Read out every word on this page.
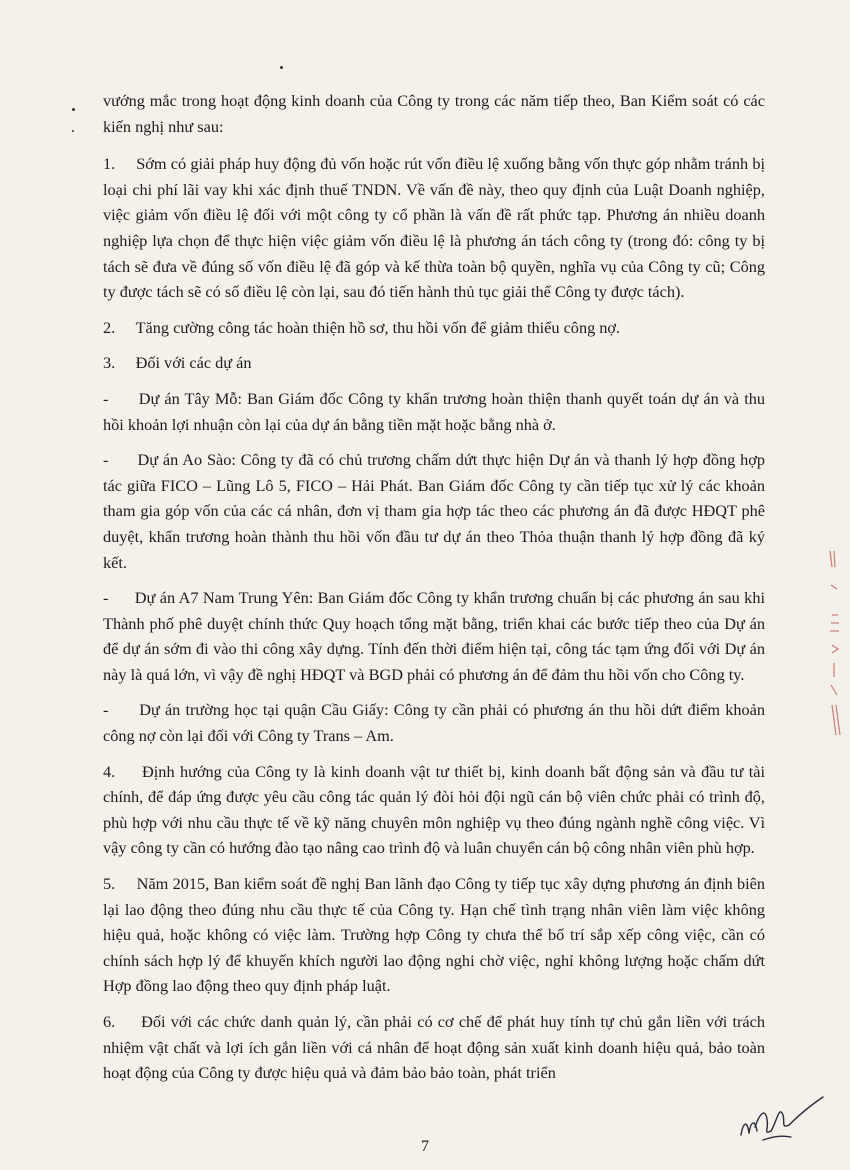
vướng mắc trong hoạt động kinh doanh của Công ty trong các năm tiếp theo, Ban Kiểm soát có các kiến nghị như sau:

1.     Sớm có giải pháp huy động đủ vốn hoặc rút vốn điều lệ xuống bằng vốn thực góp nhằm tránh bị loại chi phí lãi vay khi xác định thuế TNDN. Về vấn đề này, theo quy định của Luật Doanh nghiệp, việc giảm vốn điều lệ đối với một công ty cổ phần là vấn đề rất phức tạp. Phương án nhiều doanh nghiệp lựa chọn để thực hiện việc giảm vốn điều lệ là phương án tách công ty (trong đó: công ty bị tách sẽ đưa về đúng số vốn điều lệ đã góp và kế thừa toàn bộ quyền, nghĩa vụ của Công ty cũ; Công ty được tách sẽ có số điều lệ còn lại, sau đó tiến hành thủ tục giải thể Công ty được tách).

2.     Tăng cường công tác hoàn thiện hồ sơ, thu hồi vốn để giảm thiểu công nợ.

3.     Đối với các dự án

-      Dự án Tây Mỗ: Ban Giám đốc Công ty khẩn trương hoàn thiện thanh quyết toán dự án và thu hồi khoản lợi nhuận còn lại của dự án bằng tiền mặt hoặc bằng nhà ở.

-      Dự án Ao Sào: Công ty đã có chủ trương chấm dứt thực hiện Dự án và thanh lý hợp đồng hợp tác giữa FICO – Lũng Lô 5, FICO – Hải Phát. Ban Giám đốc Công ty cần tiếp tục xử lý các khoản tham gia góp vốn của các cá nhân, đơn vị tham gia hợp tác theo các phương án đã được HĐQT phê duyệt, khẩn trương hoàn thành thu hồi vốn đầu tư dự án theo Thỏa thuận thanh lý hợp đồng đã ký kết.

-      Dự án A7 Nam Trung Yên: Ban Giám đốc Công ty khẩn trương chuẩn bị các phương án sau khi Thành phố phê duyệt chính thức Quy hoạch tổng mặt bằng, triển khai các bước tiếp theo của Dự án để dự án sớm đi vào thi công xây dựng. Tính đến thời điểm hiện tại, công tác tạm ứng đối với Dự án này là quá lớn, vì vậy đề nghị HĐQT và BGD phải có phương án để đảm thu hồi vốn cho Công ty.

-      Dự án trường học tại quận Cầu Giấy: Công ty cần phải có phương án thu hồi dứt điểm khoản công nợ còn lại đối với Công ty Trans – Am.

4.     Định hướng của Công ty là kinh doanh vật tư thiết bị, kinh doanh bất động sản và đầu tư tài chính, để đáp ứng được yêu cầu công tác quản lý đòi hỏi đội ngũ cán bộ viên chức phải có trình độ, phù hợp với nhu cầu thực tế về kỹ năng chuyên môn nghiệp vụ theo đúng ngành nghề công việc. Vì vậy công ty cần có hướng đào tạo nâng cao trình độ và luân chuyển cán bộ công nhân viên phù hợp.

5.     Năm 2015, Ban kiểm soát đề nghị Ban lãnh đạo Công ty tiếp tục xây dựng phương án định biên lại lao động theo đúng nhu cầu thực tế của Công ty. Hạn chế tình trạng nhân viên làm việc không hiệu quả, hoặc không có việc làm. Trường hợp Công ty chưa thể bố trí sắp xếp công việc, cần có chính sách hợp lý để khuyến khích người lao động nghi chờ việc, nghỉ không lượng hoặc chấm dứt Hợp đồng lao động theo quy định pháp luật.

6.     Đối với các chức danh quản lý, cần phải có cơ chế để phát huy tính tự chủ gắn liền với trách nhiệm vật chất và lợi ích gắn liền với cá nhân để hoạt động sản xuất kinh doanh hiệu quả, bảo toàn hoạt động của Công ty được hiệu quả và đảm bảo bảo toàn, phát triển

7
